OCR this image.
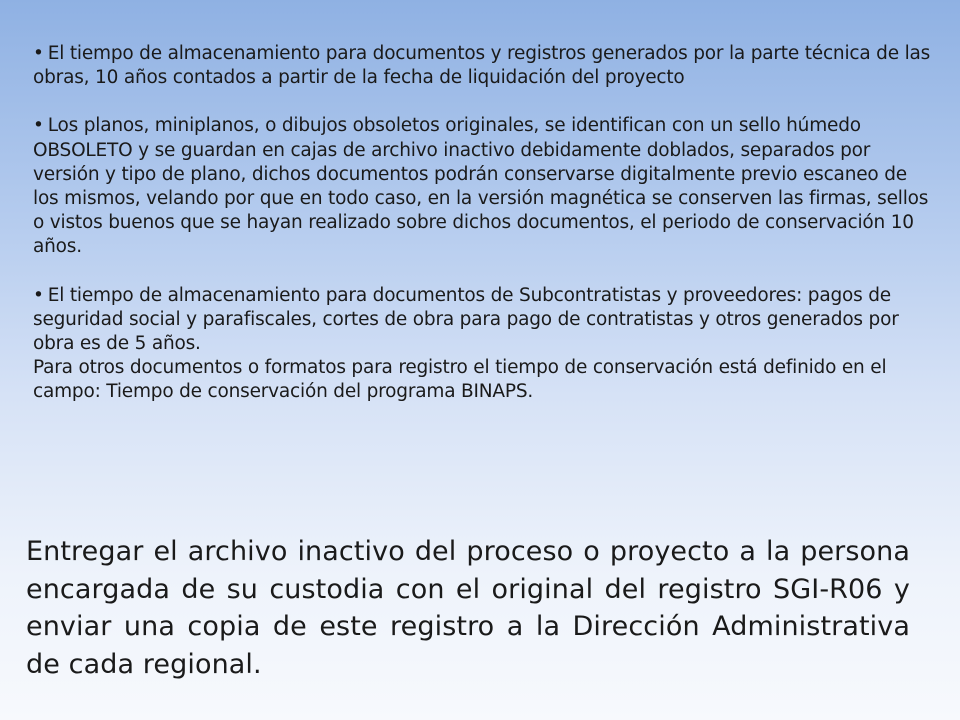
• El tiempo de almacenamiento para documentos y registros generados por la parte técnica de las obras, 10 años contados a partir de la fecha de liquidación del proyecto
• Los planos, miniplanos, o dibujos obsoletos originales, se identifican con un sello húmedo OBSOLETO y se guardan en cajas de archivo inactivo debidamente doblados, separados por versión y tipo de plano, dichos documentos podrán conservarse digitalmente previo escaneo de los mismos, velando por que en todo caso, en la versión magnética se conserven las firmas, sellos o vistos buenos que se hayan realizado sobre dichos documentos, el periodo de conservación 10 años.
• El tiempo de almacenamiento para documentos de Subcontratistas y proveedores: pagos de seguridad social y parafiscales, cortes de obra para pago de contratistas y otros generados por obra es de 5 años.
Para otros documentos o formatos para registro el tiempo de conservación está definido en el campo: Tiempo de conservación del programa BINAPS.
Entregar el archivo inactivo del proceso o proyecto a la persona encargada de su custodia con el original del registro SGI-R06 y enviar una copia de este registro a la Dirección Administrativa de cada regional.
